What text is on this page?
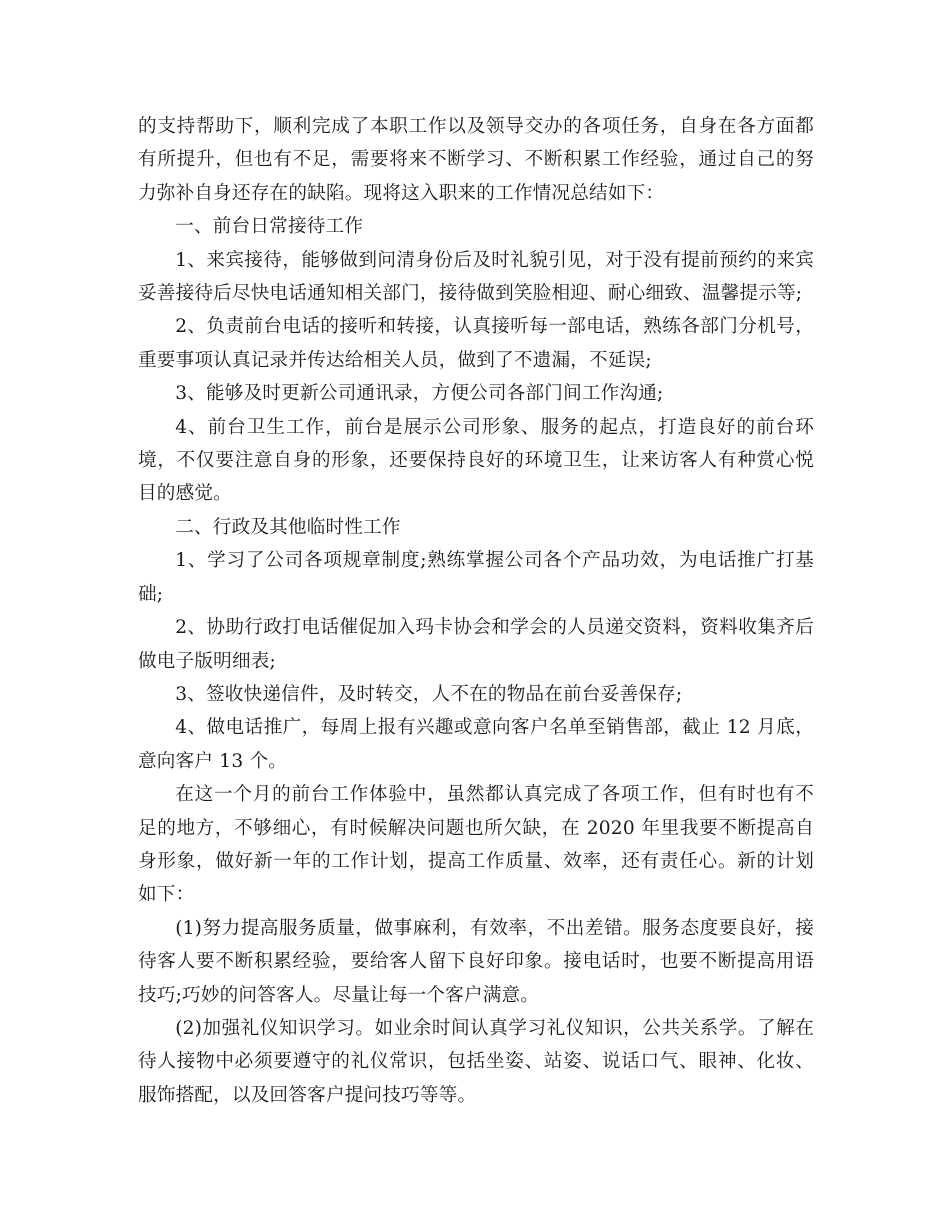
的支持帮助下，顺利完成了本职工作以及领导交办的各项任务，自身在各方面都有所提升，但也有不足，需要将来不断学习、不断积累工作经验，通过自己的努力弥补自身还存在的缺陷。现将这入职来的工作情况总结如下：

一、前台日常接待工作

1、来宾接待，能够做到问清身份后及时礼貌引见，对于没有提前预约的来宾妥善接待后尽快电话通知相关部门，接待做到笑脸相迎、耐心细致、温馨提示等;

2、负责前台电话的接听和转接，认真接听每一部电话，熟练各部门分机号，重要事项认真记录并传达给相关人员，做到了不遗漏，不延误;

3、能够及时更新公司通讯录，方便公司各部门间工作沟通;

4、前台卫生工作，前台是展示公司形象、服务的起点，打造良好的前台环境，不仅要注意自身的形象，还要保持良好的环境卫生，让来访客人有种赏心悦目的感觉。

二、行政及其他临时性工作

1、学习了公司各项规章制度;熟练掌握公司各个产品功效，为电话推广打基础;

2、协助行政打电话催促加入玛卡协会和学会的人员递交资料，资料收集齐后做电子版明细表;

3、签收快递信件，及时转交，人不在的物品在前台妥善保存;

4、做电话推广，每周上报有兴趣或意向客户名单至销售部，截止 12 月底，意向客户 13 个。

在这一个月的前台工作体验中，虽然都认真完成了各项工作，但有时也有不足的地方，不够细心，有时候解决问题也所欠缺，在 2020 年里我要不断提高自身形象，做好新一年的工作计划，提高工作质量、效率，还有责任心。新的计划如下：

(1)努力提高服务质量，做事麻利，有效率，不出差错。服务态度要良好，接待客人要不断积累经验，要给客人留下良好印象。接电话时，也要不断提高用语技巧;巧妙的问答客人。尽量让每一个客户满意。

(2)加强礼仪知识学习。如业余时间认真学习礼仪知识，公共关系学。了解在待人接物中必须要遵守的礼仪常识，包括坐姿、站姿、说话口气、眼神、化妆、服饰搭配，以及回答客户提问技巧等等。
